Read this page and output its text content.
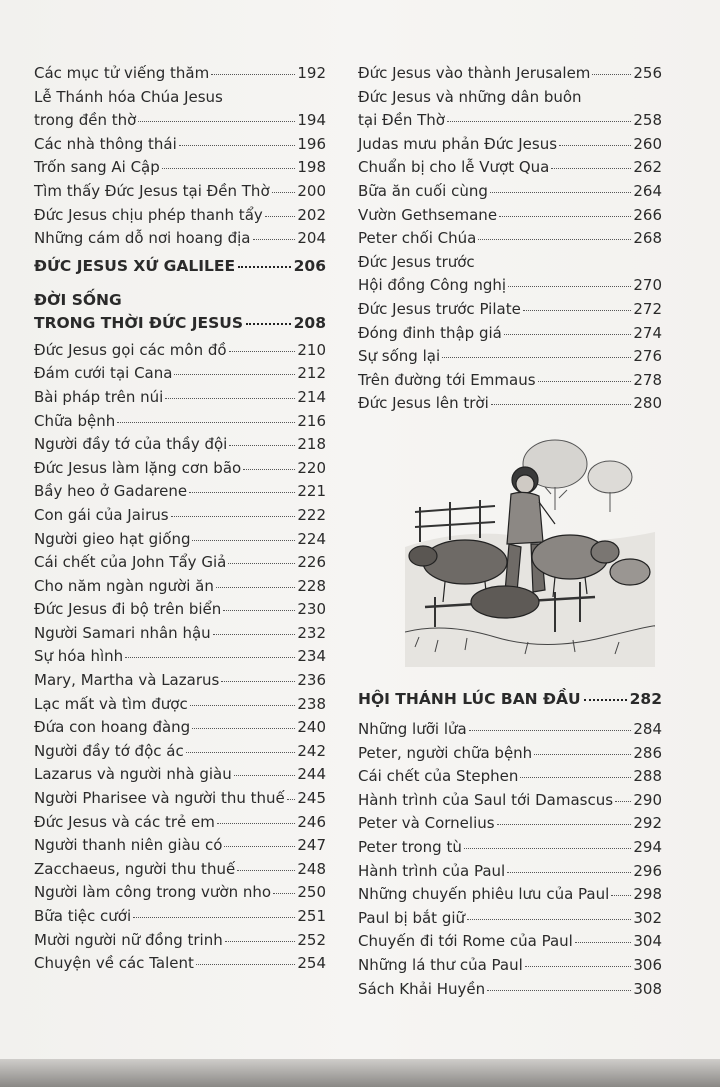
Các mục tử viếng thăm	192
Lễ Thánh hóa Chúa Jesus
trong đền thờ	194
Các nhà thông thái	196
Trốn sang Ai Cập	198
Tìm thấy Đức Jesus tại Đền Thờ 200
Đức Jesus chịu phép thanh tẩy 202
Những cám dỗ nơi hoang địa	204
ĐỨC JESUS XỨ GALILEE	206
ĐỜI SỐNG
TRONG THỜI ĐỨC JESUS	208
Đức Jesus gọi các môn đồ	210
Đám cưới tại Cana	212
Bài pháp trên núi	214
Chữa bệnh	216
Người đầy tớ của thầy đội	218
Đức Jesus làm lặng cơn bão	220
Bầy heo ở Gadarene	221
Con gái của Jairus	222
Người gieo hạt giống	224
Cái chết của John Tẩy Giả	226
Cho năm ngàn người ăn	228
Đức Jesus đi bộ trên biển	230
Người Samari nhân hậu	232
Sự hóa hình	234
Mary, Martha và Lazarus	236
Lạc mất và tìm được	238
Đứa con hoang đàng	240
Người đầy tớ độc ác	242
Lazarus và người nhà giàu	244
Người Pharisee và người thu thuế 245
Đức Jesus và các trẻ em	246
Người thanh niên giàu có	247
Zacchaeus, người thu thuế	248
Người làm công trong vườn nho 250
Bữa tiệc cưới	251
Mười người nữ đồng trinh	252
Chuyện về các Talent	254
Đức Jesus vào thành Jerusalem	256
Đức Jesus và những dân buôn
tại Đền Thờ	258
Judas mưu phản Đức Jesus	260
Chuẩn bị cho lễ Vượt Qua	262
Bữa ăn cuối cùng	264
Vườn Gethsemane	266
Peter chối Chúa	268
Đức Jesus trước
Hội đồng Công nghị	270
Đức Jesus trước Pilate	272
Đóng đinh thập giá	274
Sự sống lại	276
Trên đường tới Emmaus	278
Đức Jesus lên trời	280
HỘI THÁNH LÚC BAN ĐẦU	282
Những lưỡi lửa	284
Peter, người chữa bệnh	286
Cái chết của Stephen	288
Hành trình của Saul tới Damascus 290
Peter và Cornelius	292
Peter trong tù	294
Hành trình của Paul	296
Những chuyến phiêu lưu của Paul 298
Paul bị bắt giữ	302
Chuyến đi tới Rome của Paul	304
Những lá thư của Paul	306
Sách Khải Huyền	308
